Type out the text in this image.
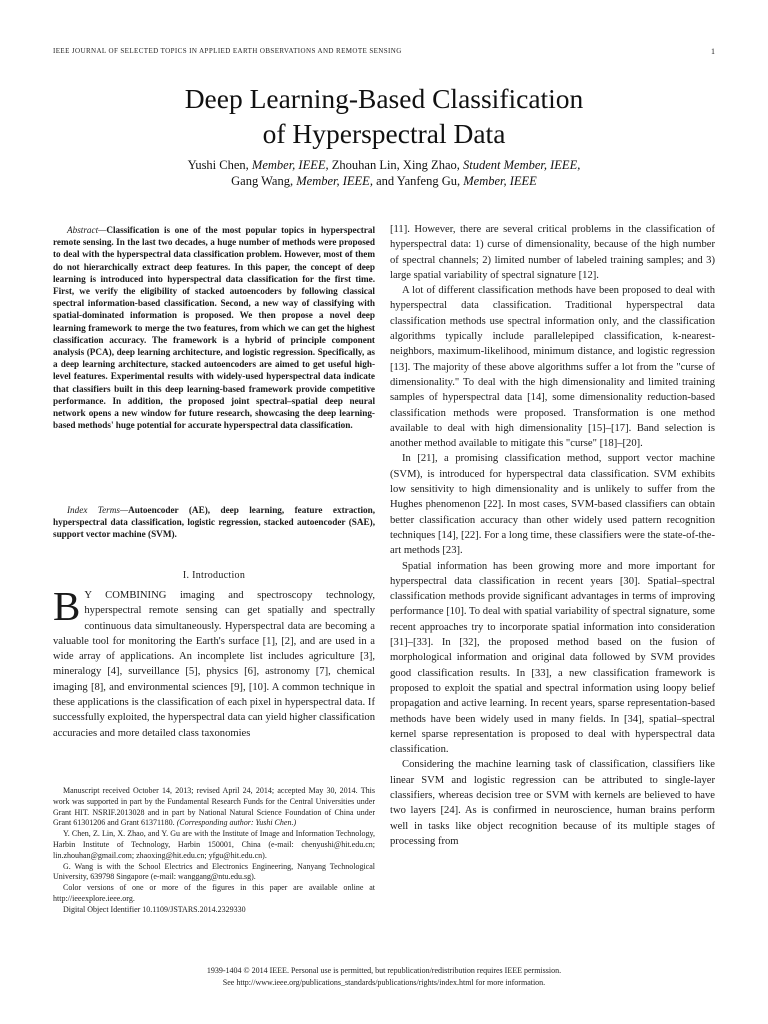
IEEE JOURNAL OF SELECTED TOPICS IN APPLIED EARTH OBSERVATIONS AND REMOTE SENSING	1
Deep Learning-Based Classification
of Hyperspectral Data
Yushi Chen, Member, IEEE, Zhouhan Lin, Xing Zhao, Student Member, IEEE,
Gang Wang, Member, IEEE, and Yanfeng Gu, Member, IEEE
Abstract—Classification is one of the most popular topics in hyperspectral remote sensing. In the last two decades, a huge number of methods were proposed to deal with the hyperspectral data classification problem. However, most of them do not hierarchically extract deep features. In this paper, the concept of deep learning is introduced into hyperspectral data classification for the first time. First, we verify the eligibility of stacked autoencoders by following classical spectral information-based classification. Second, a new way of classifying with spatial-dominated information is proposed. We then propose a novel deep learning framework to merge the two features, from which we can get the highest classification accuracy. The framework is a hybrid of principle component analysis (PCA), deep learning architecture, and logistic regression. Specifically, as a deep learning architecture, stacked autoencoders are aimed to get useful high-level features. Experimental results with widely-used hyperspectral data indicate that classifiers built in this deep learning-based framework provide competitive performance. In addition, the proposed joint spectral–spatial deep neural network opens a new window for future research, showcasing the deep learning-based methods' huge potential for accurate hyperspectral data classification.
Index Terms—Autoencoder (AE), deep learning, feature extraction, hyperspectral data classification, logistic regression, stacked autoencoder (SAE), support vector machine (SVM).
I. Introduction
B Y COMBINING imaging and spectroscopy technology, hyperspectral remote sensing can get spatially and spectrally continuous data simultaneously. Hyperspectral data are becoming a valuable tool for monitoring the Earth's surface [1], [2], and are used in a wide array of applications. An incomplete list includes agriculture [3], mineralogy [4], surveillance [5], physics [6], astronomy [7], chemical imaging [8], and environmental sciences [9], [10]. A common technique in these applications is the classification of each pixel in hyperspectral data. If successfully exploited, the hyperspectral data can yield higher classification accuracies and more detailed class taxonomies

Manuscript received October 14, 2013; revised April 24, 2014; accepted May 30, 2014. This work was supported in part by the Fundamental Research Funds for the Central Universities under Grant HIT. NSRIF.2013028 and in part by National Natural Science Foundation of China under Grant 61301206 and Grant 61371180. (Corresponding author: Yushi Chen.)

Y. Chen, Z. Lin, X. Zhao, and Y. Gu are with the Institute of Image and Information Technology, Harbin Institute of Technology, Harbin 150001, China (e-mail: chenyushi@hit.edu.cn; lin.zhouhan@gmail.com; zhaoxing@hit.edu.cn; yfgu@hit.edu.cn).

G. Wang is with the School Electrics and Electronics Engineering, Nanyang Technological University, 639798 Singapore (e-mail: wanggang@ntu.edu.sg).

Color versions of one or more of the figures in this paper are available online at http://ieeexplore.ieee.org.

Digital Object Identifier 10.1109/JSTARS.2014.2329330

[11]. However, there are several critical problems in the classification of hyperspectral data: 1) curse of dimensionality, because of the high number of spectral channels; 2) limited number of labeled training samples; and 3) large spatial variability of spectral signature [12].

A lot of different classification methods have been proposed to deal with hyperspectral data classification. Traditional hyperspectral data classification methods use spectral information only, and the classification algorithms typically include parallelepiped classification, k-nearest-neighbors, maximum-likelihood, minimum distance, and logistic regression [13]. The majority of these above algorithms suffer a lot from the "curse of dimensionality." To deal with the high dimensionality and limited training samples of hyperspectral data [14], some dimensionality reduction-based classification methods were proposed. Transformation is one method available to deal with high dimensionality [15]–[17]. Band selection is another method available to mitigate this "curse" [18]–[20].

In [21], a promising classification method, support vector machine (SVM), is introduced for hyperspectral data classification. SVM exhibits low sensitivity to high dimensionality and is unlikely to suffer from the Hughes phenomenon [22]. In most cases, SVM-based classifiers can obtain better classification accuracy than other widely used pattern recognition techniques [14], [22]. For a long time, these classifiers were the state-of-the-art methods [23].

Spatial information has been growing more and more important for hyperspectral data classification in recent years [30]. Spatial–spectral classification methods provide significant advantages in terms of improving performance [10]. To deal with spatial variability of spectral signature, some recent approaches try to incorporate spatial information into consideration [31]–[33]. In [32], the proposed method based on the fusion of morphological information and original data followed by SVM provides good classification results. In [33], a new classification framework is proposed to exploit the spatial and spectral information using loopy belief propagation and active learning. In recent years, sparse representation-based methods have been widely used in many fields. In [34], spatial–spectral kernel sparse representation is proposed to deal with hyperspectral data classification.

Considering the machine learning task of classification, classifiers like linear SVM and logistic regression can be attributed to single-layer classifiers, whereas decision tree or SVM with kernels are believed to have two layers [24]. As is confirmed in neuroscience, human brains perform well in tasks like object recognition because of its multiple stages of processing from

1939-1404 © 2014 IEEE. Personal use is permitted, but republication/redistribution requires IEEE permission.
See http://www.ieee.org/publications_standards/publications/rights/index.html for more information.
